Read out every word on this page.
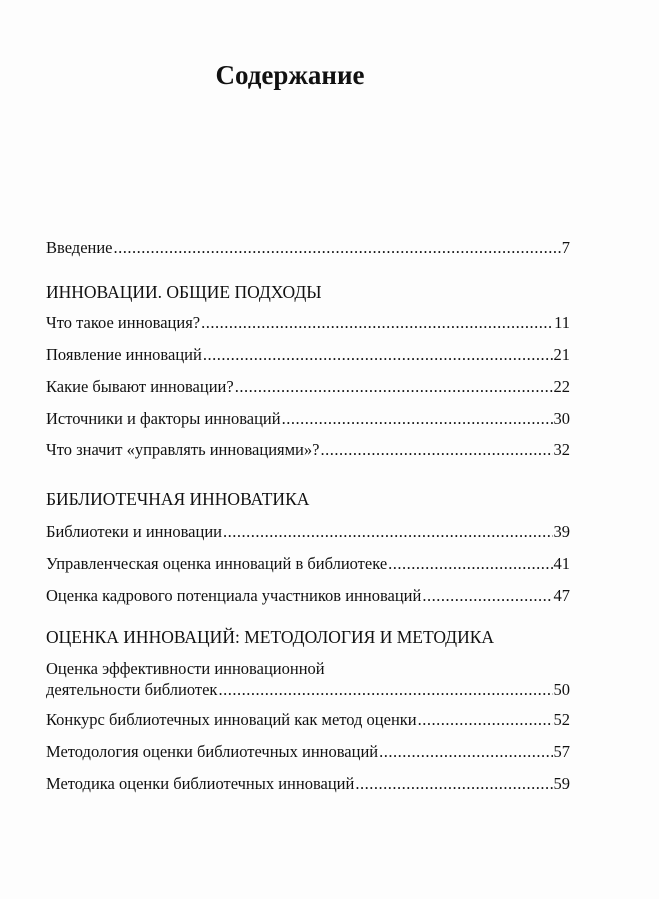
Содержание
Введение .....	7
ИННОВАЦИИ. ОБЩИЕ ПОДХОДЫ
Что такое инновация? .....	11
Появление инноваций .....	21
Какие бывают инновации? .....	22
Источники и факторы инноваций .....	30
Что значит «управлять инновациями»? .....	32
БИБЛИОТЕЧНАЯ ИННОВАТИКА
Библиотеки и инновации .....	39
Управленческая оценка инноваций в библиотеке .....	41
Оценка кадрового потенциала участников инноваций .....	47
ОЦЕНКА ИННОВАЦИЙ: МЕТОДОЛОГИЯ И МЕТОДИКА
Оценка эффективности инновационной
деятельности библиотек .....	50
Конкурс библиотечных инноваций как метод оценки .....	52
Методология оценки библиотечных инноваций .....	57
Методика оценки библиотечных инноваций .....	59
